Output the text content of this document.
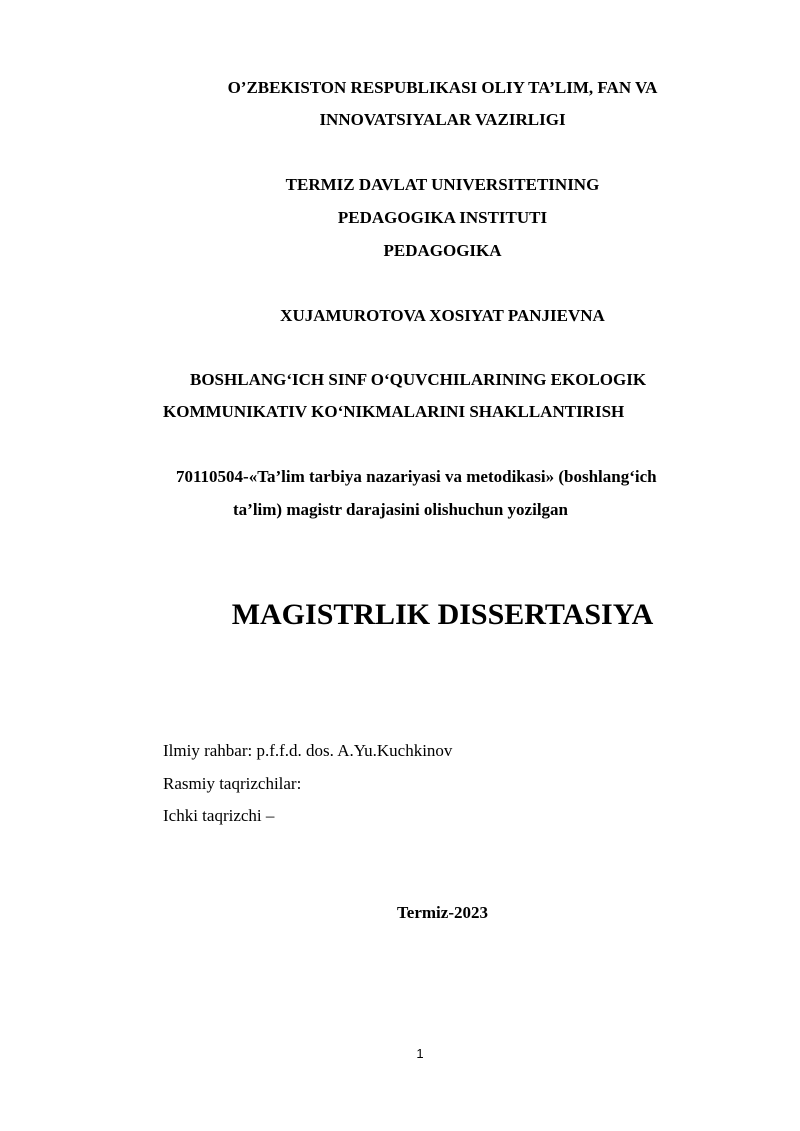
O’ZBEKISTON RESPUBLIKASI OLIY TA’LIM, FAN VA
INNOVATSIYALAR VAZIRLIGI
TERMIZ DAVLAT UNIVERSITETINING
PEDAGOGIKA INSTITUTI
PEDAGOGIKA
XUJAMUROTOVA XOSIYAT PANJIEVNA
BOSHLANG‘ICH SINF O‘QUVCHILARINING EKOLOGIK
KOMMUNIKATIV KO‘NIKMALARINI SHAKLLANTIRISH
70110504-«Ta’lim tarbiya nazariyasi va metodikasi» (boshlang‘ich
ta’lim) magistr darajasini olishuchun yozilgan
MAGISTRLIK DISSERTASIYA
Ilmiy rahbar: p.f.f.d. dos. A.Yu.Kuchkinov
Rasmiy taqrizchilar:
Ichki taqrizchi –
Termiz-2023
1
